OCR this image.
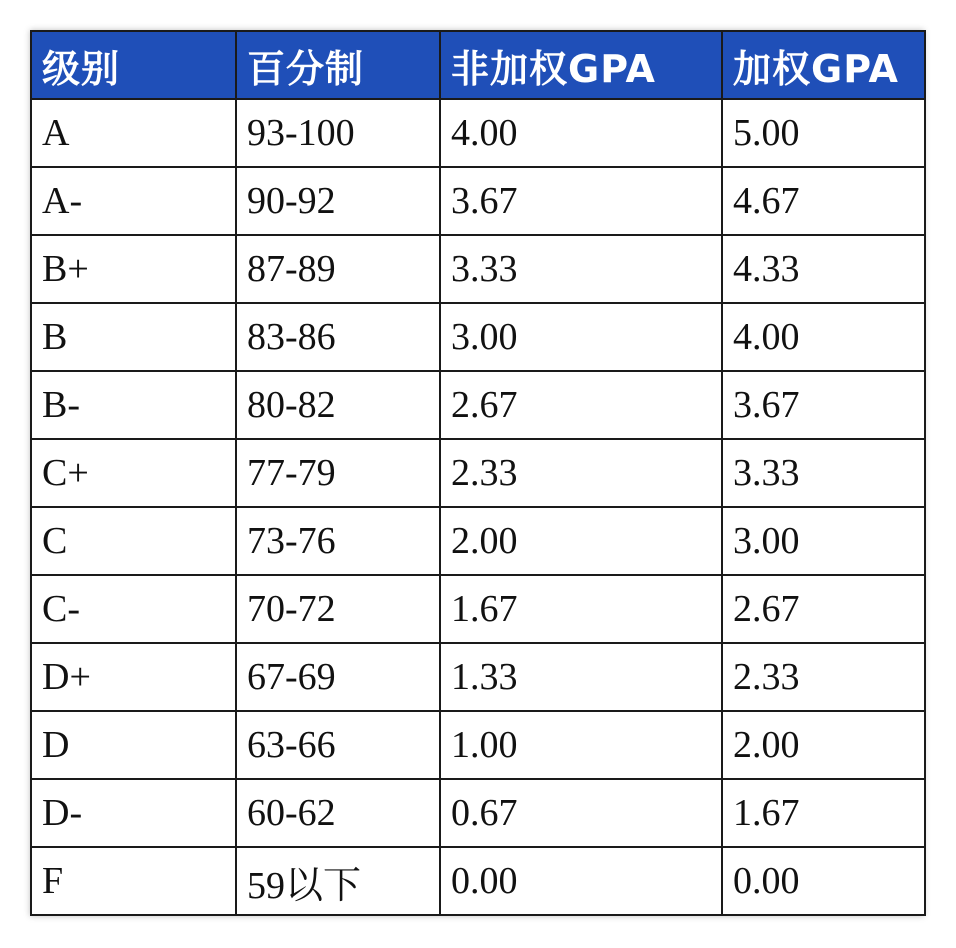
级别	百分制	非加权GPA	加权GPA
A	93-100	4.00	5.00
A-	90-92	3.67	4.67
B+	87-89	3.33	4.33
B	83-86	3.00	4.00
B-	80-82	2.67	3.67
C+	77-79	2.33	3.33
C	73-76	2.00	3.00
C-	70-72	1.67	2.67
D+	67-69	1.33	2.33
D	63-66	1.00	2.00
D-	60-62	0.67	1.67
F	59以下	0.00	0.00
